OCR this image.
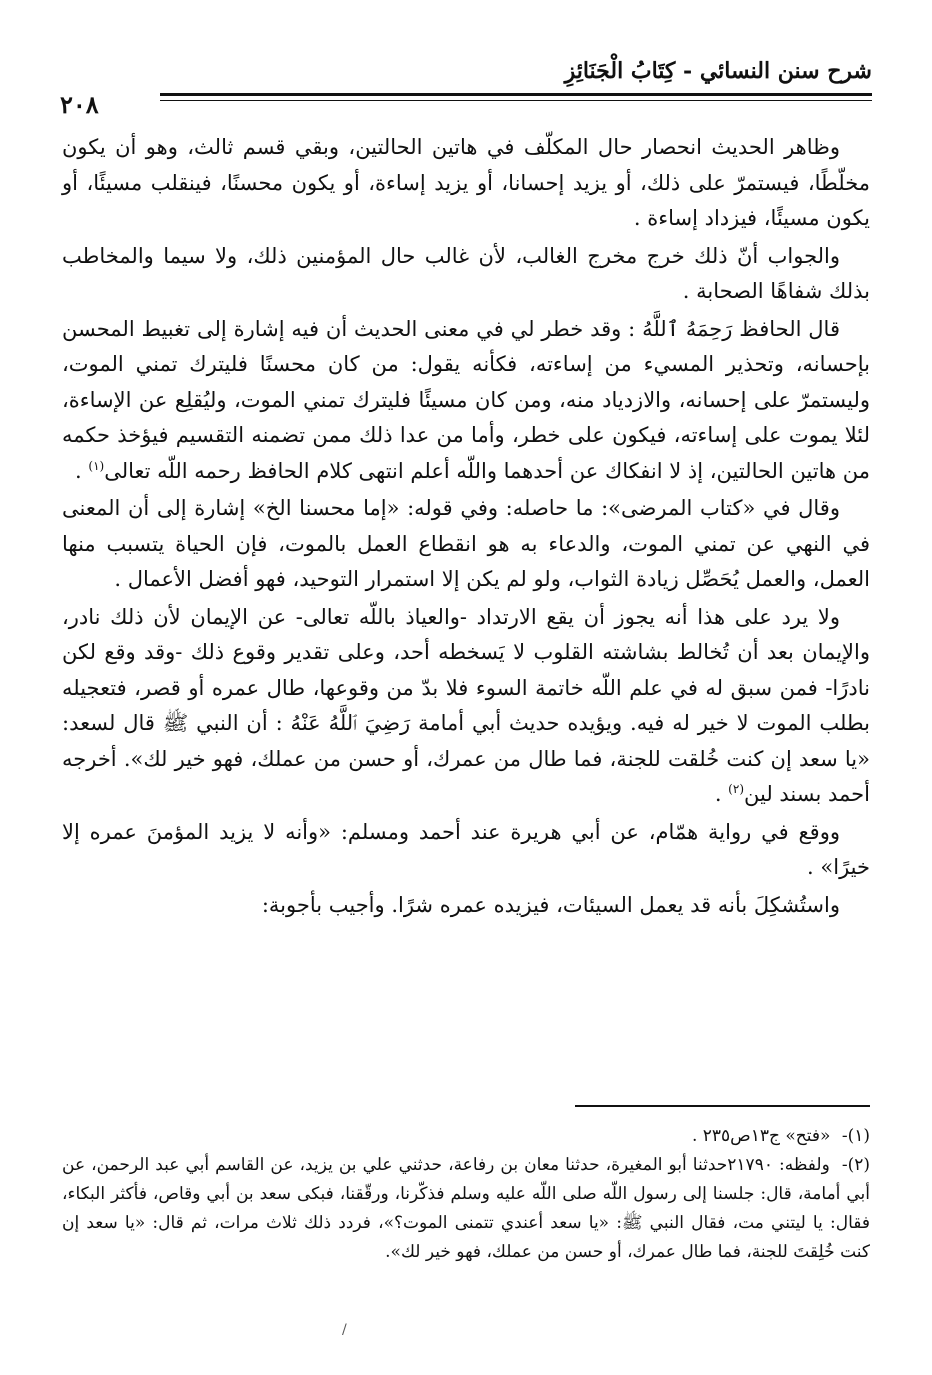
شرح سنن النسائي - كِتَابُ الْجَنَائِزِ
٢٠٨

وظاهر الحديث انحصار حال المكلّف في هاتين الحالتين، وبقي قسم ثالث، وهو أن يكون مخلّطًا، فيستمرّ على ذلك، أو يزيد إحسانا، أو يزيد إساءة، أو يكون محسنًا، فينقلب مسيئًا، أو يكون مسيئًا، فيزداد إساءة .

والجواب أنّ ذلك خرج مخرج الغالب، لأن غالب حال المؤمنين ذلك، ولا سيما والمخاطب بذلك شفاهًا الصحابة .

قال الحافظ رَحِمَهُ ٱللَّهُ : وقد خطر لي في معنى الحديث أن فيه إشارة إلى تغبيط المحسن بإحسانه، وتحذير المسيء من إساءته، فكأنه يقول: من كان محسنًا فليترك تمني الموت، وليستمرّ على إحسانه، والازدياد منه، ومن كان مسيئًا فليترك تمني الموت، وليُقلِع عن الإساءة، لئلا يموت على إساءته، فيكون على خطر، وأما من عدا ذلك ممن تضمنه التقسيم فيؤخذ حكمه من هاتين الحالتين، إذ لا انفكاك عن أحدهما واللّه أعلم انتهى كلام الحافظ رحمه اللّه تعالى$^{(١)}$ .

وقال في «كتاب المرضى»: ما حاصله: وفي قوله: «إما محسنا الخ» إشارة إلى أن المعنى في النهي عن تمني الموت، والدعاء به هو انقطاع العمل بالموت، فإن الحياة يتسبب منها العمل، والعمل يُحَصِّل زيادة الثواب، ولو لم يكن إلا استمرار التوحيد، فهو أفضل الأعمال .

ولا يرد على هذا أنه يجوز أن يقع الارتداد -والعياذ باللّه تعالى- عن الإيمان لأن ذلك نادر، والإيمان بعد أن تُخالط بشاشته القلوب لا يَسخطه أحد، وعلى تقدير وقوع ذلك -وقد وقع لكن نادرًا- فمن سبق له في علم اللّه خاتمة السوء فلا بدّ من وقوعها، طال عمره أو قصر، فتعجيله بطلب الموت لا خير له فيه. ويؤيده حديث أبي أمامة رَضِيَ ٱللَّهُ عَنْهُ : أن النبي ﷺ قال لسعد: «يا سعد إن كنت خُلقت للجنة، فما طال من عمرك، أو حسن من عملك، فهو خير لك». أخرجه أحمد بسند لين$^{(٢)}$ .

ووقع في رواية همّام، عن أبي هريرة عند أحمد ومسلم: «وأنه لا يزيد المؤمنَ عمره إلا خيرًا» .

واستُشكِلَ بأنه قد يعمل السيئات، فيزيده عمره شرًا. وأجيب بأجوبة:

(١)- «فتح» ج١٣ص٢٣٥ .

(٢)- ولفظه: ٢١٧٩٠حدثنا أبو المغيرة، حدثنا معان بن رفاعة، حدثني علي بن يزيد، عن القاسم أبي عبد الرحمن، عن أبي أمامة، قال: جلسنا إلى رسول اللّه صلى اللّه عليه وسلم فذكّرنا، ورقّقنا، فبكى سعد بن أبي وقاص، فأكثر البكاء، فقال: يا ليتني مت، فقال النبي ﷺ: «يا سعد أعندي تتمنى الموت؟»، فردد ذلك ثلاث مرات، ثم قال: «يا سعد إن كنت خُلِقتَ للجنة، فما طال عمرك، أو حسن من عملك، فهو خير لك».

/
